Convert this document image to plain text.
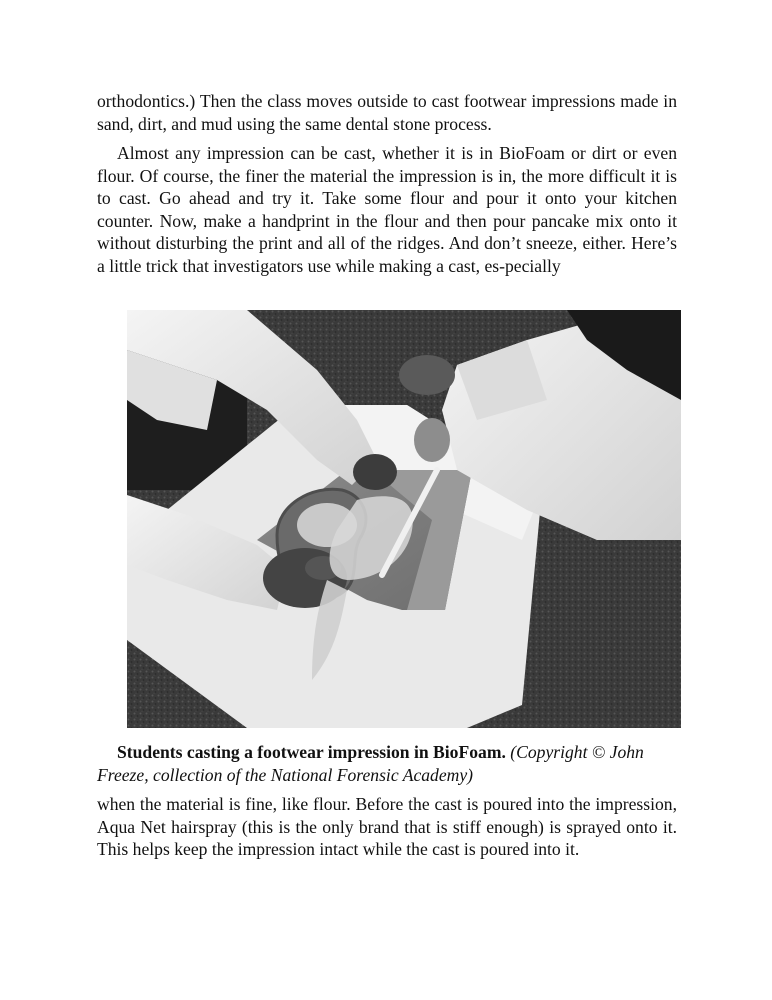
orthodontics.) Then the class moves outside to cast footwear impressions made in sand, dirt, and mud using the same dental stone process.

Almost any impression can be cast, whether it is in BioFoam or dirt or even flour. Of course, the finer the material the impression is in, the more difficult it is to cast. Go ahead and try it. Take some flour and pour it onto your kitchen counter. Now, make a handprint in the flour and then pour pancake mix onto it without disturbing the print and all of the ridges. And don’t sneeze, either. Here’s a little trick that investigators use while making a cast, es-pecially

Students casting a footwear impression in BioFoam. (Copyright © John Freeze, collection of the National Forensic Academy)

when the material is fine, like flour. Before the cast is poured into the impression, Aqua Net hairspray (this is the only brand that is stiff enough) is sprayed onto it. This helps keep the impression intact while the cast is poured into it.
